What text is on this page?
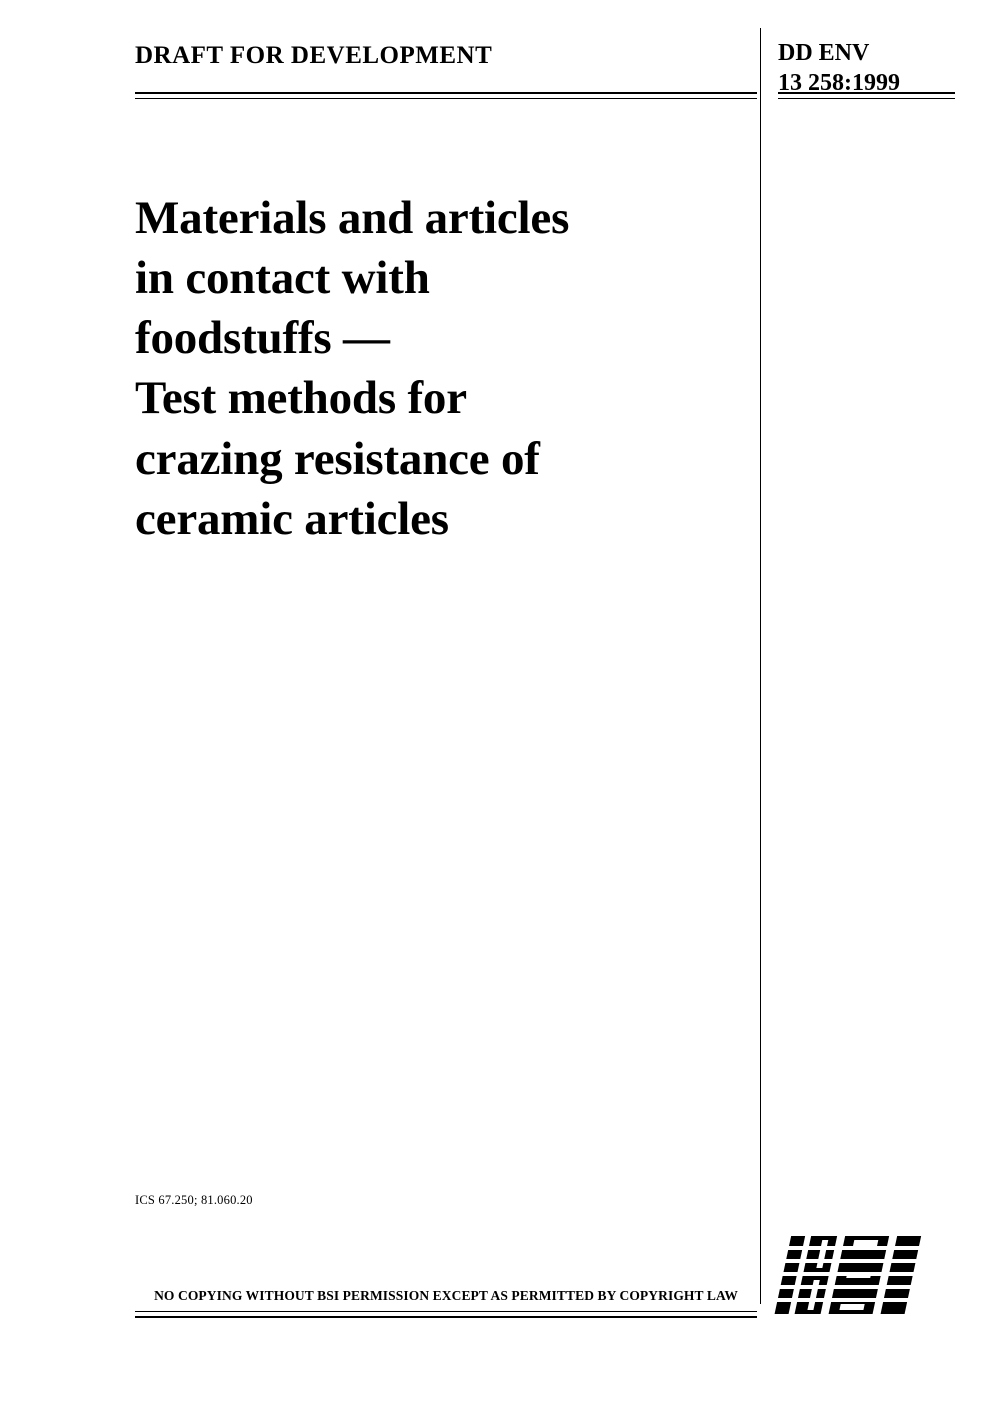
DRAFT FOR DEVELOPMENT	DD ENV
13 258:1999
Materials and articles
in contact with
foodstuffs —
Test methods for
crazing resistance of
ceramic articles
ICS 67.250; 81.060.20
NO COPYING WITHOUT BSI PERMISSION EXCEPT AS PERMITTED BY COPYRIGHT LAW
